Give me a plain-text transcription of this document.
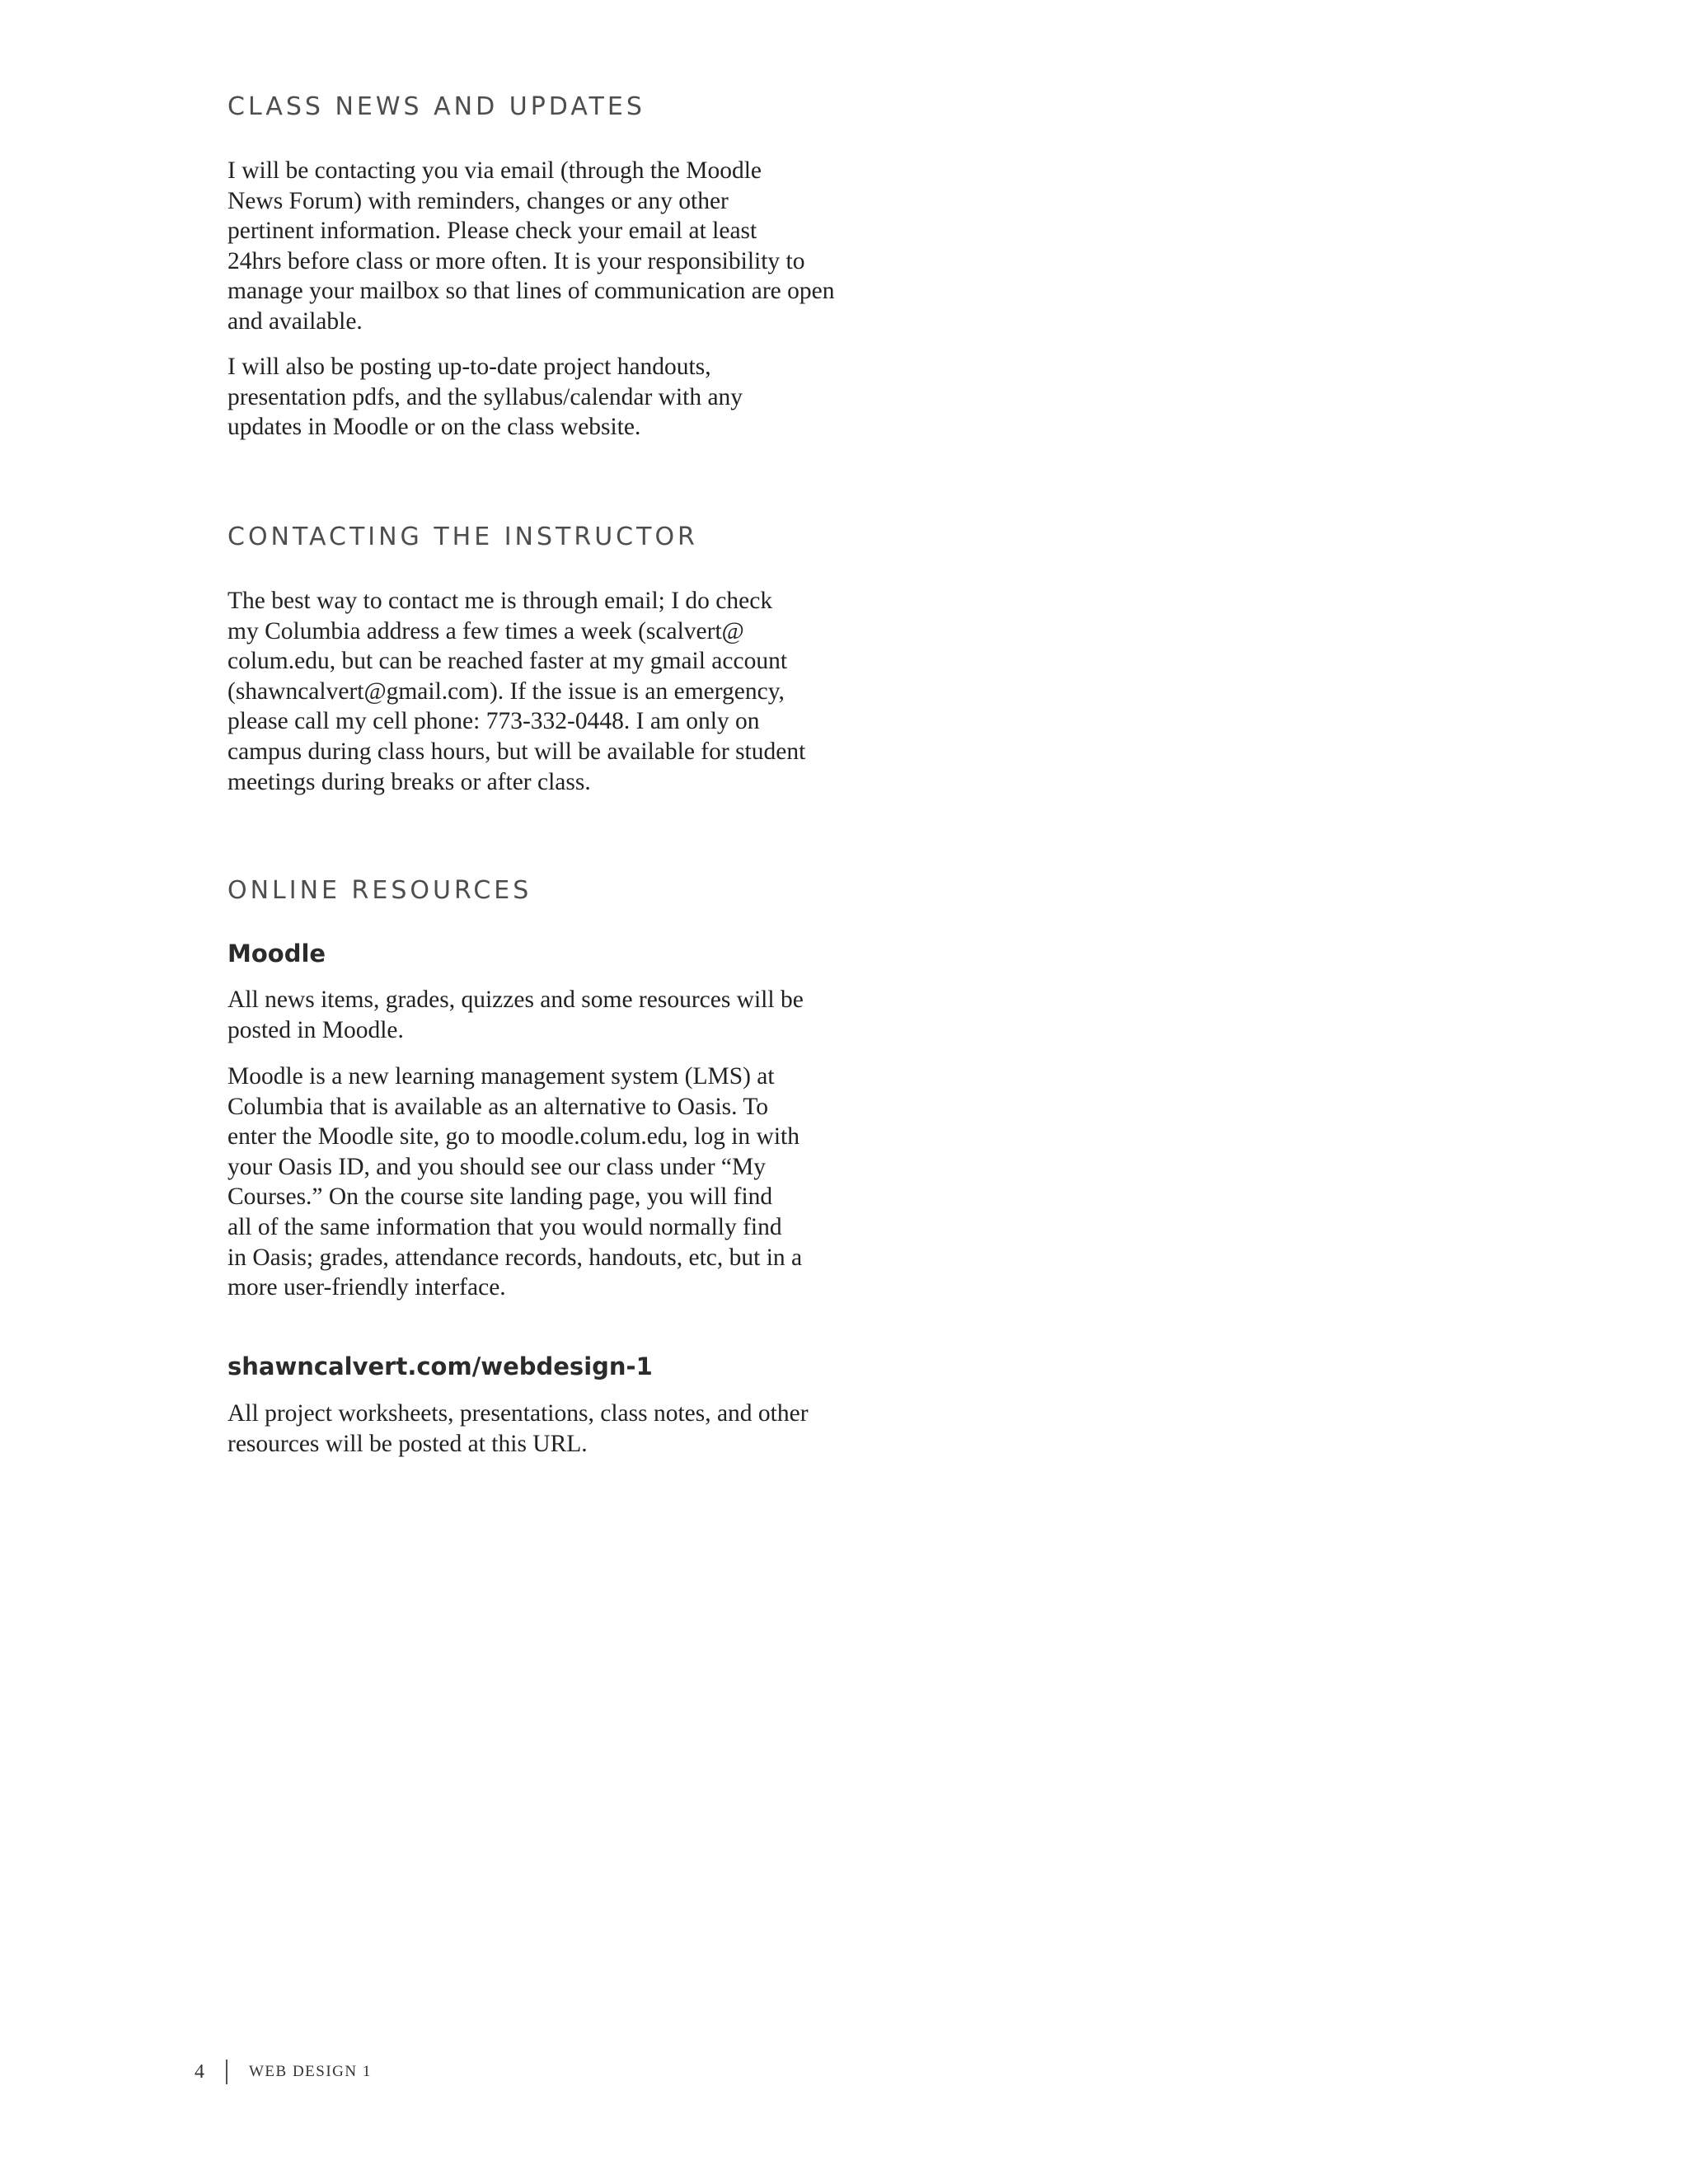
CLASS NEWS AND UPDATES

I will be contacting you via email (through the Moodle
News Forum) with reminders, changes or any other
pertinent information. Please check your email at least
24hrs before class or more often. It is your responsibility to
manage your mailbox so that lines of communication are open
and available.

I will also be posting up-to-date project handouts,
presentation pdfs, and the syllabus/calendar with any
updates in Moodle or on the class website.

CONTACTING THE INSTRUCTOR

The best way to contact me is through email; I do check
my Columbia address a few times a week (scalvert@
colum.edu, but can be reached faster at my gmail account
(shawncalvert@gmail.com). If the issue is an emergency,
please call my cell phone: 773-332-0448. I am only on
campus during class hours, but will be available for student
meetings during breaks or after class.

ONLINE RESOURCES
Moodle

All news items, grades, quizzes and some resources will be
posted in Moodle.

Moodle is a new learning management system (LMS) at
Columbia that is available as an alternative to Oasis. To
enter the Moodle site, go to moodle.colum.edu, log in with
your Oasis ID, and you should see our class under “My
Courses.” On the course site landing page, you will find
all of the same information that you would normally find
in Oasis; grades, attendance records, handouts, etc, but in a
more user-friendly interface.

shawncalvert.com/webdesign-1

All project worksheets, presentations, class notes, and other
resources will be posted at this URL.

4	WEB DESIGN 1
